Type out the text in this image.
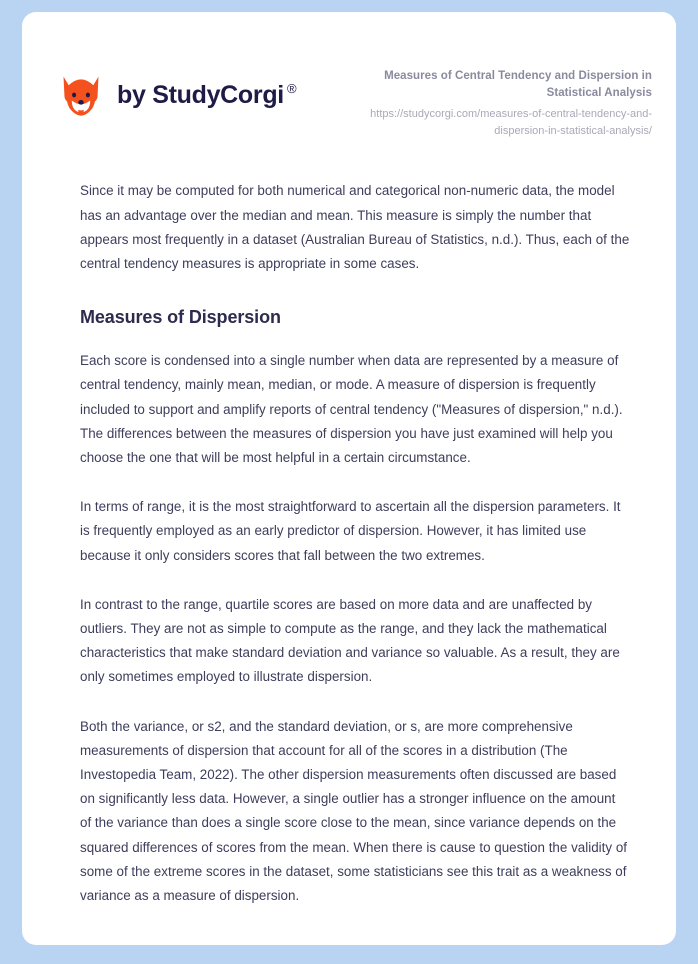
by StudyCorgi ®
Measures of Central Tendency and Dispersion in Statistical Analysis
https://studycorgi.com/measures-of-central-tendency-and-dispersion-in-statistical-analysis/

Since it may be computed for both numerical and categorical non-numeric data, the model has an advantage over the median and mean. This measure is simply the number that appears most frequently in a dataset (Australian Bureau of Statistics, n.d.). Thus, each of the central tendency measures is appropriate in some cases.

Measures of Dispersion

Each score is condensed into a single number when data are represented by a measure of central tendency, mainly mean, median, or mode. A measure of dispersion is frequently included to support and amplify reports of central tendency ("Measures of dispersion," n.d.). The differences between the measures of dispersion you have just examined will help you choose the one that will be most helpful in a certain circumstance.

In terms of range, it is the most straightforward to ascertain all the dispersion parameters. It is frequently employed as an early predictor of dispersion. However, it has limited use because it only considers scores that fall between the two extremes.

In contrast to the range, quartile scores are based on more data and are unaffected by outliers. They are not as simple to compute as the range, and they lack the mathematical characteristics that make standard deviation and variance so valuable. As a result, they are only sometimes employed to illustrate dispersion.

Both the variance, or s2, and the standard deviation, or s, are more comprehensive measurements of dispersion that account for all of the scores in a distribution (The Investopedia Team, 2022). The other dispersion measurements often discussed are based on significantly less data. However, a single outlier has a stronger influence on the amount of the variance than does a single score close to the mean, since variance depends on the squared differences of scores from the mean. When there is cause to question the validity of some of the extreme scores in the dataset, some statisticians see this trait as a weakness of variance as a measure of dispersion.
